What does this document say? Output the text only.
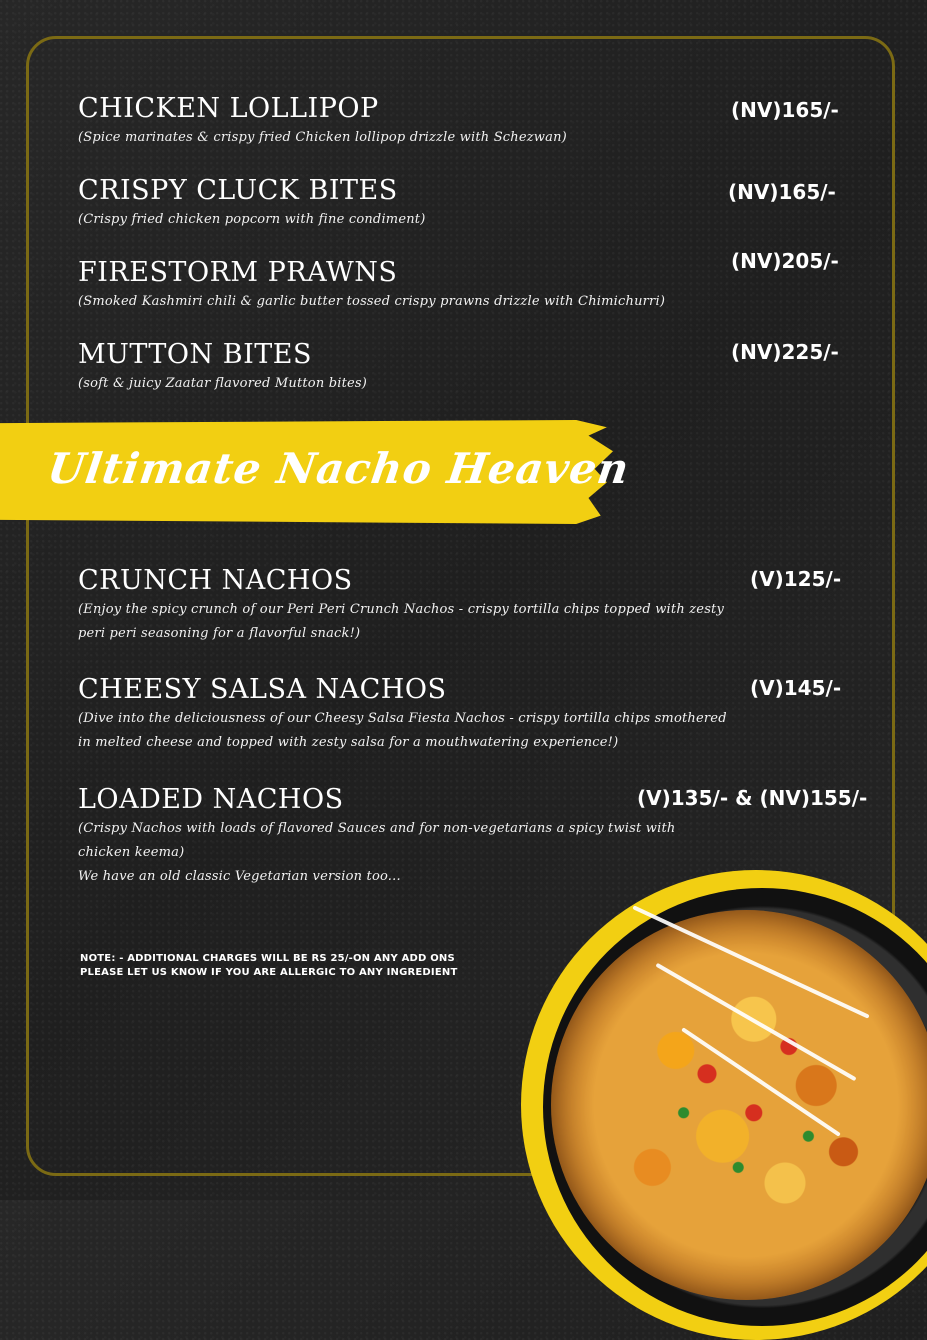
CHICKEN LOLLIPOP
(Spice marinates & crispy fried Chicken lollipop drizzle with Schezwan)
(NV)165/-
CRISPY CLUCK BITES
(Crispy fried chicken popcorn with fine condiment)
(NV)165/-
FIRESTORM PRAWNS
(Smoked Kashmiri chili & garlic butter tossed crispy prawns drizzle with Chimichurri)
(NV)205/-
MUTTON BITES
(soft & juicy Zaatar flavored Mutton bites)
(NV)225/-
Ultimate Nacho Heaven
CRUNCH NACHOS
(Enjoy the spicy crunch of our Peri Peri Crunch Nachos - crispy tortilla chips topped with zesty
peri peri seasoning for a flavorful snack!)
(V)125/-
CHEESY SALSA NACHOS
(Dive into the deliciousness of our Cheesy Salsa Fiesta Nachos - crispy tortilla chips smothered
in melted cheese and topped with zesty salsa for a mouthwatering experience!)
(V)145/-
LOADED NACHOS
(Crispy Nachos with loads of flavored Sauces and for non-vegetarians a spicy twist with
chicken keema)
We have an old classic Vegetarian version too...
(V)135/- & (NV)155/-
NOTE: - ADDITIONAL CHARGES WILL BE RS 25/-ON ANY ADD ONS
PLEASE LET US KNOW IF YOU ARE ALLERGIC TO ANY INGREDIENT
